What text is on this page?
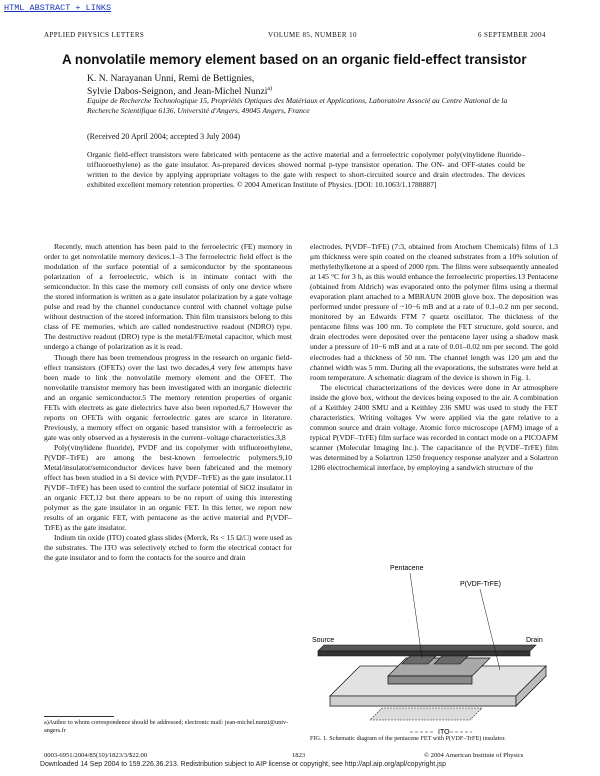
HTML ABSTRACT + LINKS
APPLIED PHYSICS LETTERS	VOLUME 85, NUMBER 10	6 SEPTEMBER 2004
A nonvolatile memory element based on an organic field-effect transistor
K. N. Narayanan Unni, Remi de Bettignies,
Sylvie Dabos-Seignon, and Jean-Michel Nunzi$^{a)}$
Equipe de Recherche Technologique 15, Propriétés Optiques des Matériaux et Applications, Laboratoire Associé au Centre National de la Recherche Scientifique 6136, Université d'Angers, 49045 Angers, France
(Received 20 April 2004; accepted 3 July 2004)
Organic field-effect transistors were fabricated with pentacene as the active material and a ferroelectric copolymer poly(vinylidene fluoride–trifluoroethylene) as the gate insulator. As-prepared devices showed normal p-type transistor operation. The ON- and OFF-states could be written to the device by applying appropriate voltages to the gate with respect to short-circuited source and drain electrodes. The devices exhibited excellent memory retention properties. © 2004 American Institute of Physics. [DOI: 10.1063/1.1788887]

Recently, much attention has been paid to the ferroelectric (FE) memory in order to get nonvolatile memory devices.1–3 The ferroelectric field effect is the modulation of the surface potential of a semiconductor by the spontaneous polarization of a ferroelectric, which is in intimate contact with the semiconductor. In this case the memory cell consists of only one device where the stored information is written as a gate insulator polarization by a gate voltage pulse and read by the channel conductance control with channel voltage pulse without destruction of the stored information. Thin film transistors belong to this class of FE memories, which are called nondestructive readout (NDRO) type. The destructive readout (DRO) type is the metal/FE/metal capacitor, which must undergo a change of polarization as it is read.

Though there has been tremendous progress in the research on organic field-effect transistors (OFETs) over the last two decades,4 very few attempts have been made to link the nonvolatile memory element and the OFET. The nonvolatile transistor memory has been investigated with an inorganic dielectric and an organic semiconductor.5 The memory retention properties of organic FETs with electrets as gate dielectrics have also been reported.6,7 However the reports on OFETs with organic ferroelectric gates are scarce in literature. Previously, a memory effect on organic based transistor with a ferroelectric as gate was only observed as a hysteresis in the current–voltage characteristics.3,8

Poly(vinylidene fluoride), PVDF and its copolymer with trifluoroethylene, P(VDF–TrFE) are among the best-known ferroelectric polymers.9,10 Metal/insulator/semiconductor devices have been fabricated and the memory effect has been studied in a Si device with P(VDF–TrFE) as the gate insulator.11 P(VDF–TrFE) has been used to control the surface potential of SiO2 insulator in an organic FET,12 but there appears to be no report of using this interesting polymer as the gate insulator in an organic FET. In this letter, we report new results of an organic FET, with pentacene as the active material and P(VDF–TrFE) as the gate insulator.

Indium tin oxide (ITO) coated glass slides (Merck, Rs < 15 Ω/□) were used as the substrates. The ITO was selectively etched to form the electrical contact for the gate insulator and to form the contacts for the source and drain

electrodes. P(VDF–TrFE) (7:3, obtained from Atochem Chemicals) films of 1.3 μm thickness were spin coated on the cleaned substrates from a 10% solution of methylethylketone at a speed of 2000 rpm. The films were subsequently annealed at 145 °C for 3 h, as this would enhance the ferroelectric properties.13 Pentacene (obtained from Aldrich) was evaporated onto the polymer films using a thermal evaporation plant attached to a MBRAUN 200B glove box. The deposition was performed under pressure of ~10−6 mB and at a rate of 0.1–0.2 nm per second, monitored by an Edwards FTM 7 quartz oscillator. The thickness of the pentacene films was 100 nm. To complete the FET structure, gold source, and drain electrodes were deposited over the pentacene layer using a shadow mask under a pressure of 10−6 mB and at a rate of 0.01–0.02 nm per second. The gold electrodes had a thickness of 50 nm. The channel length was 120 μm and the channel width was 5 mm. During all the evaporations, the substrates were held at room temperature. A schematic diagram of the device is shown in Fig. 1.

The electrical characterizations of the devices were done in Ar atmosphere inside the glove box, without the devices being exposed to the air. A combination of a Keithley 2400 SMU and a Keithley 236 SMU was used to study the FET characteristics. Writing voltages Vw were applied via the gate relative to a common source and drain voltage. Atomic force microscope (AFM) image of a typical P(VDF–TrFE) film surface was recorded in contact mode on a PICOAFM scanner (Molecular Imaging Inc.). The capacitance of the P(VDF–TrFE) film was determined by a Solartron 1250 frequency response analyzer and a Solartron 1286 electrochemical interface, by employing a sandwich structure of the

Pentacene
P(VDF-TrFE)
Source	Drain
ITO
FIG. 1. Schematic diagram of the pentacene FET with P(VDF–TrFE) insulator.
a)Author to whom correspondence should be addressed; electronic mail: jean-michel.nunzi@univ-angers.fr
0003-6951/2004/85(10)/1823/3/$22.00	1823	© 2004 American Institute of Physics
Downloaded 14 Sep 2004 to 159.226.36.213. Redistribution subject to AIP license or copyright, see http://apl.aip.org/apl/copyright.jsp
